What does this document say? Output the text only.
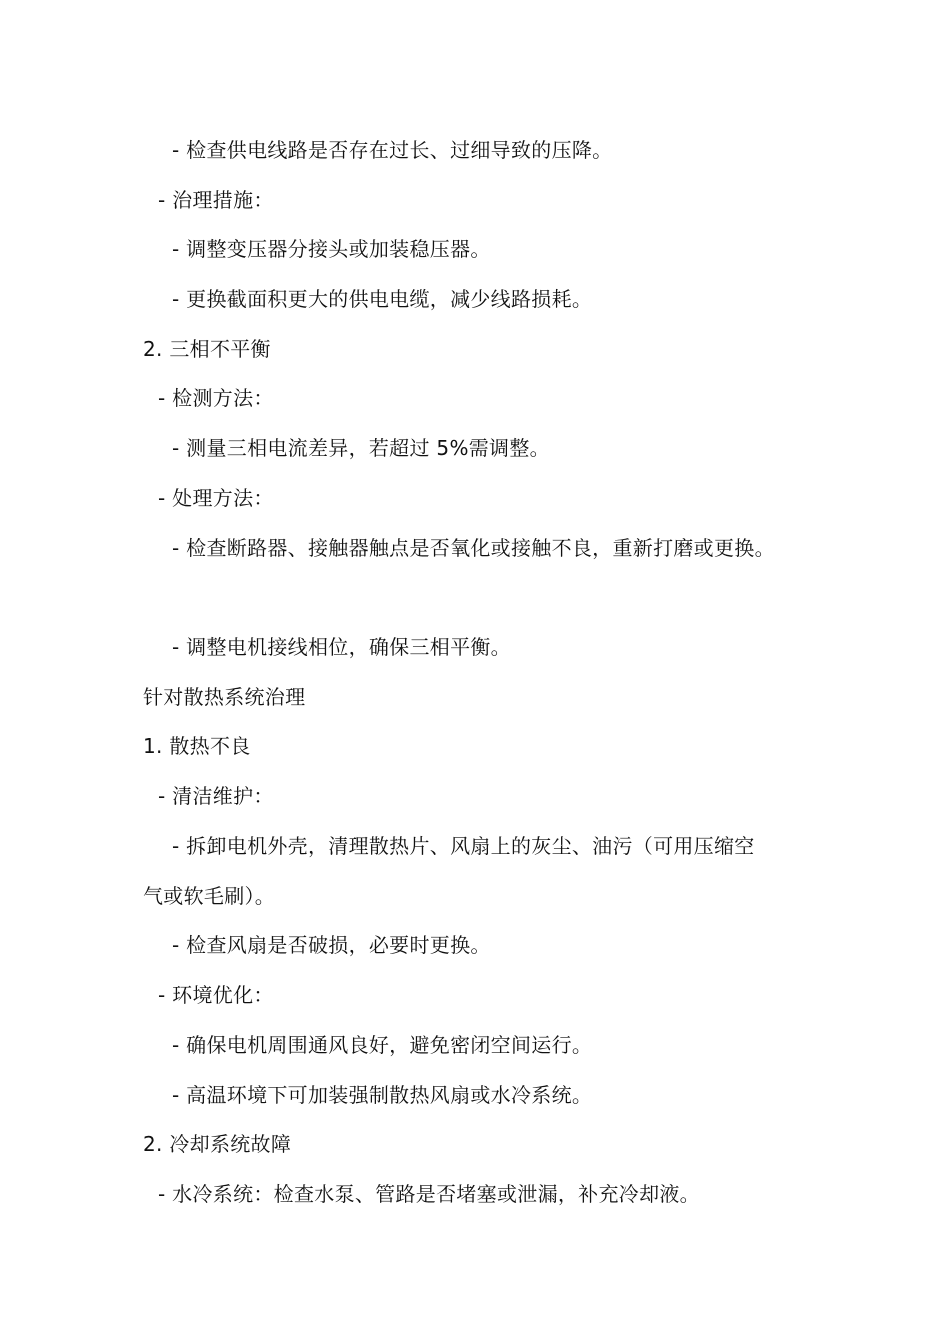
- 检查供电线路是否存在过长、过细导致的压降。
- 治理措施：
- 调整变压器分接头或加装稳压器。
- 更换截面积更大的供电电缆，减少线路损耗。
2. 三相不平衡
- 检测方法：
- 测量三相电流差异，若超过 5%需调整。
- 处理方法：
- 检查断路器、接触器触点是否氧化或接触不良，重新打磨或更换。
- 调整电机接线相位，确保三相平衡。
针对散热系统治理
1. 散热不良
- 清洁维护：
- 拆卸电机外壳，清理散热片、风扇上的灰尘、油污（可用压缩空
气或软毛刷）。
- 检查风扇是否破损，必要时更换。
- 环境优化：
- 确保电机周围通风良好，避免密闭空间运行。
- 高温环境下可加装强制散热风扇或水冷系统。
2. 冷却系统故障
- 水冷系统：检查水泵、管路是否堵塞或泄漏，补充冷却液。
